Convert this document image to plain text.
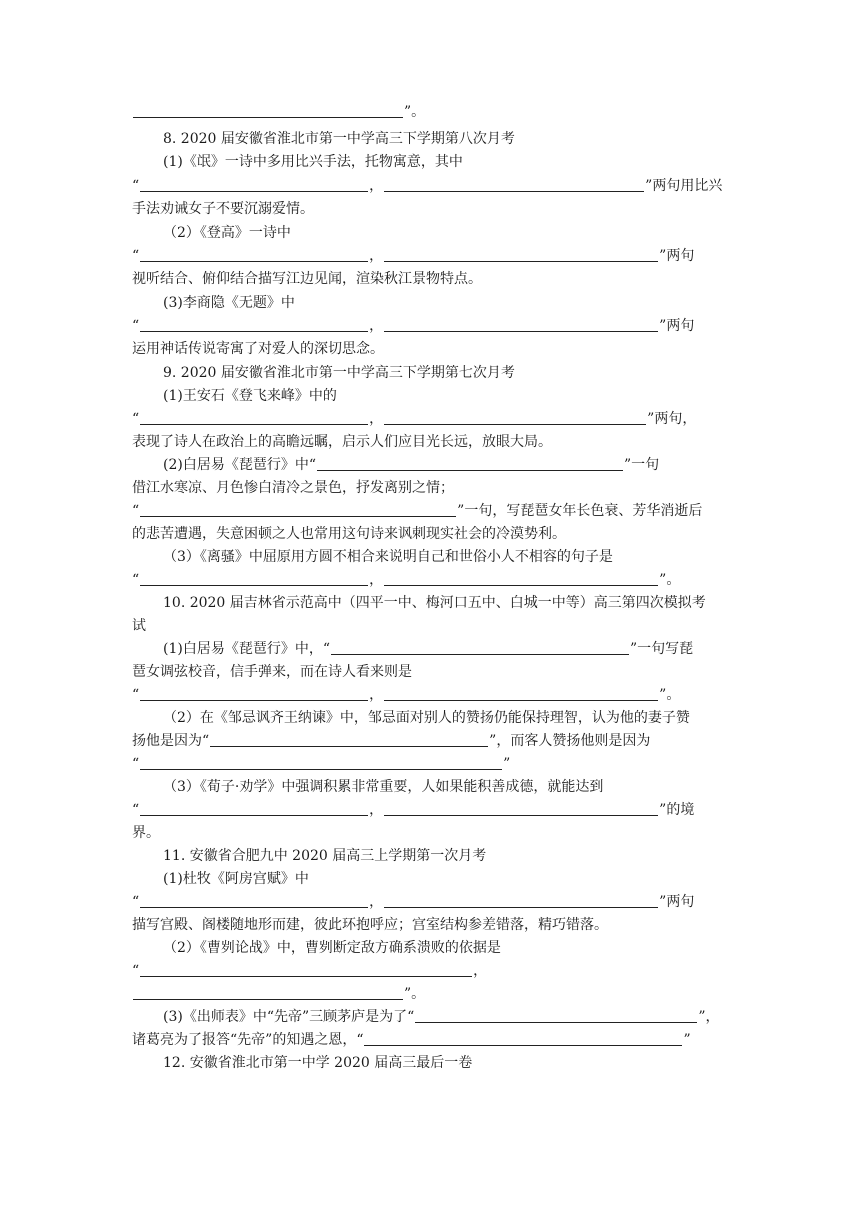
”。
8. 2020 届安徽省淮北市第一中学高三下学期第八次月考
(1)《氓》一诗中多用比兴手法，托物寓意，其中
“	，	”两句用比兴
手法劝诫女子不要沉溺爱情。
（2）《登高》一诗中
“	，	”两句
视听结合、俯仰结合描写江边见闻，渲染秋江景物特点。
(3)李商隐《无题》中
“	，	”两句
运用神话传说寄寓了对爱人的深切思念。
9. 2020 届安徽省淮北市第一中学高三下学期第七次月考
(1)王安石《登飞来峰》中的
“	，	”两句，
表现了诗人在政治上的高瞻远瞩，启示人们应目光长远，放眼大局。
(2)白居易《琵琶行》中“	”一句
借江水寒凉、月色惨白清冷之景色，抒发离别之情；
“	”一句，写琵琶女年长色衰、芳华消逝后
的悲苦遭遇，失意困顿之人也常用这句诗来讽刺现实社会的冷漠势利。
（3）《离骚》中屈原用方圆不相合来说明自己和世俗小人不相容的句子是
“	，	”。
10. 2020 届吉林省示范高中（四平一中、梅河口五中、白城一中等）高三第四次模拟考
试
(1)白居易《琵琶行》中，“	”一句写琵
琶女调弦校音，信手弹来，而在诗人看来则是
“	，	”。
（2）在《邹忌讽齐王纳谏》中，邹忌面对别人的赞扬仍能保持理智，认为他的妻子赞
扬他是因为“	”，而客人赞扬他则是因为
“	”
（3）《荀子·劝学》中强调积累非常重要，人如果能积善成德，就能达到
“	，	”的境
界。
11. 安徽省合肥九中 2020 届高三上学期第一次月考
(1)杜牧《阿房宫赋》中
“	，	”两句
描写宫殿、阁楼随地形而建，彼此环抱呼应；宫室结构参差错落，精巧错落。
（2）《曹刿论战》中，曹刿断定敌方确系溃败的依据是
“	，
”。
(3)《出师表》中“先帝”三顾茅庐是为了“	”，
诸葛亮为了报答“先帝”的知遇之恩，“	”
12. 安徽省淮北市第一中学 2020 届高三最后一卷
